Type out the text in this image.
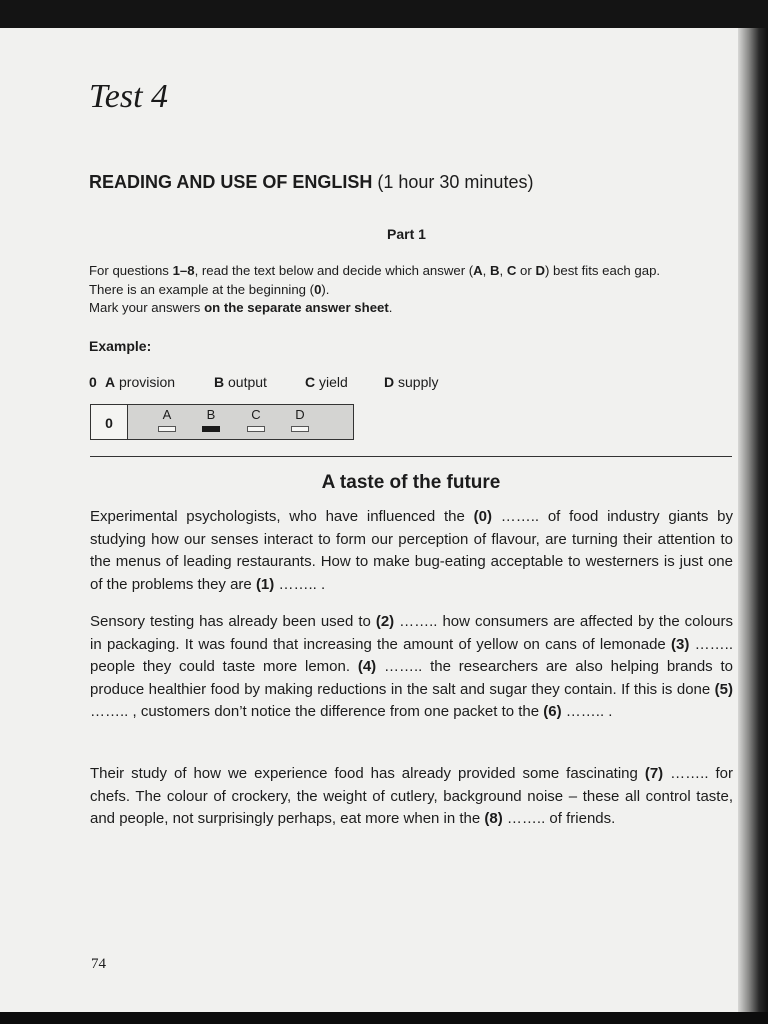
Test 4
READING AND USE OF ENGLISH (1 hour 30 minutes)
Part 1
For questions 1–8, read the text below and decide which answer (A, B, C or D) best fits each gap.
There is an example at the beginning (0).
Mark your answers on the separate answer sheet.
Example:
0 A provision	B output	C yield	D supply
0
A	B	C	D
A taste of the future
Experimental psychologists, who have influenced the (0) …….. of food industry giants by studying how our senses interact to form our perception of flavour, are turning their attention to the menus of leading restaurants. How to make bug-eating acceptable to westerners is just one of the problems they are (1) …….. .
Sensory testing has already been used to (2) …….. how consumers are affected by the colours in packaging. It was found that increasing the amount of yellow on cans of lemonade (3) …….. people they could taste more lemon. (4) …….. the researchers are also helping brands to produce healthier food by making reductions in the salt and sugar they contain. If this is done (5) …….. , customers don’t notice the difference from one packet to the (6) …….. .
Their study of how we experience food has already provided some fascinating (7) …….. for chefs. The colour of crockery, the weight of cutlery, background noise – these all control taste, and people, not surprisingly perhaps, eat more when in the (8) …….. of friends.
74
